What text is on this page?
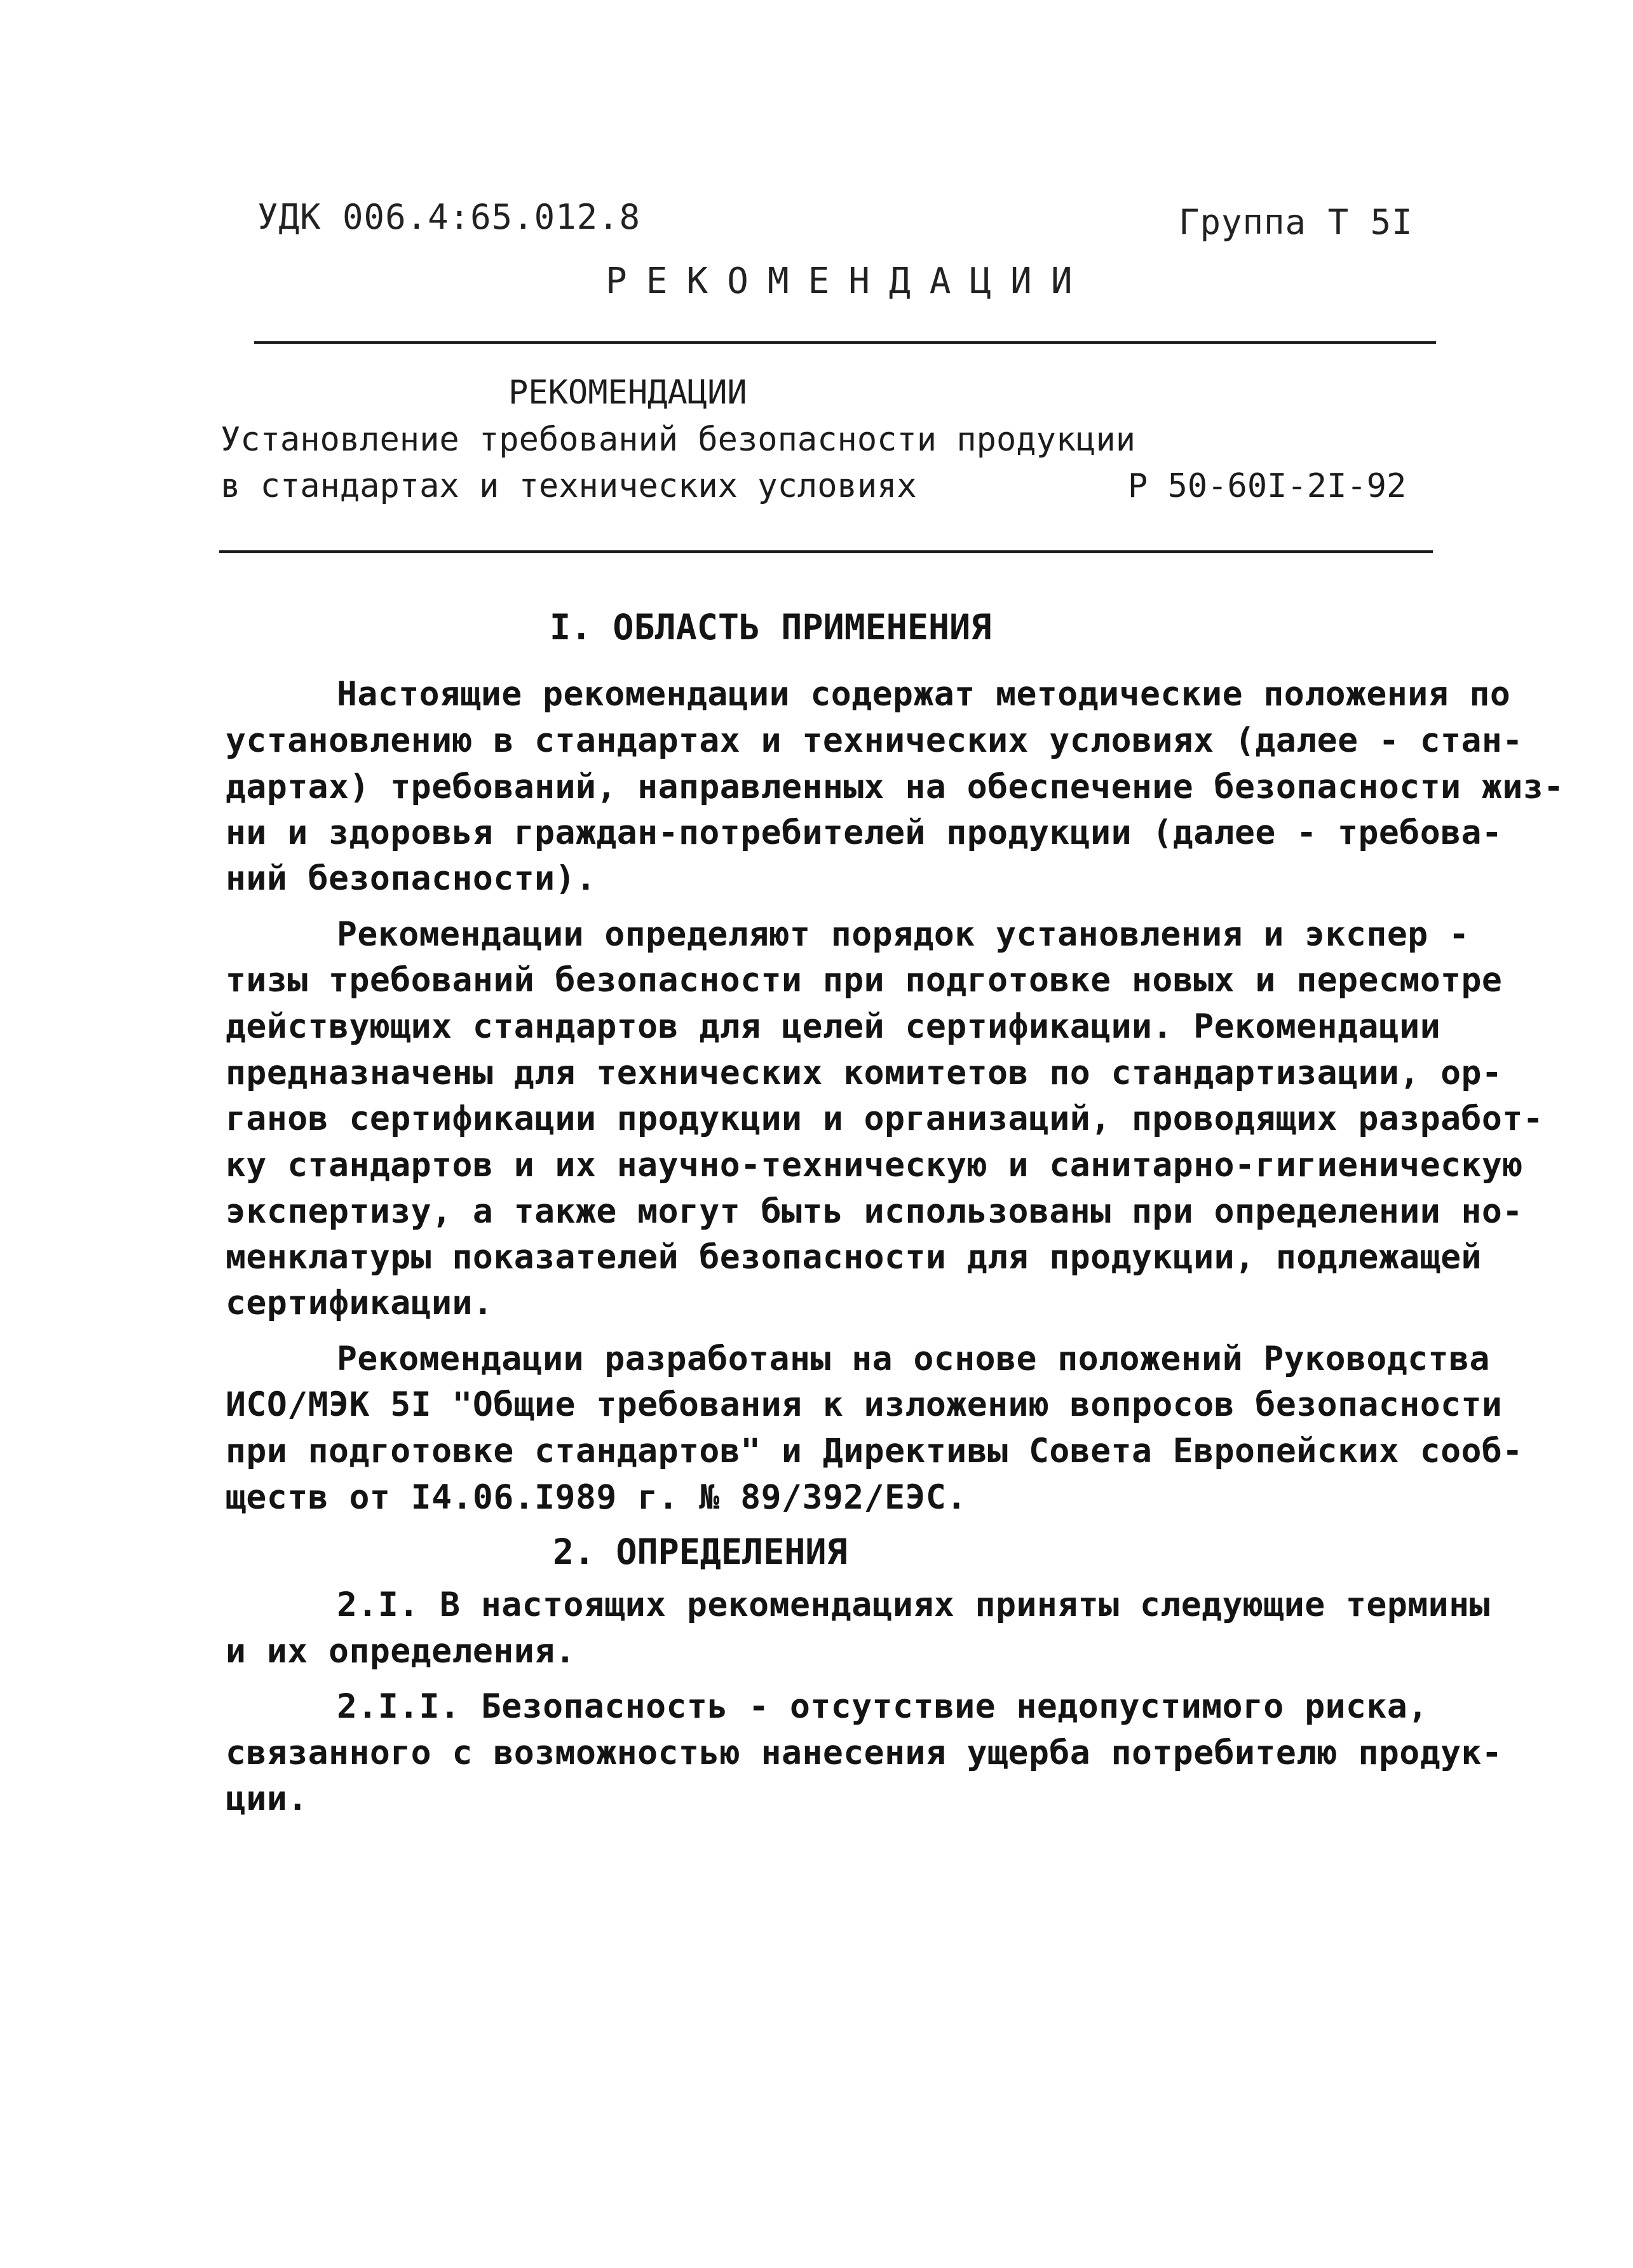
УДК 006.4:65.012.8	Группа Т 5I
РЕКОМЕНДАЦИИ
РЕКОМЕНДАЦИИ
Установление требований безопасности продукции
в стандартах и технических условиях	Р 50-60I-2I-92
I. ОБЛАСТЬ ПРИМЕНЕНИЯ
Настоящие рекомендации содержат методические положения по
установлению в стандартах и технических условиях (далее - стан-
дартах) требований, направленных на обеспечение безопасности жиз-
ни и здоровья граждан-потребителей продукции (далее - требова-
ний безопасности).
Рекомендации определяют порядок установления и экспер -
тизы требований безопасности при подготовке новых и пересмотре
действующих стандартов для целей сертификации. Рекомендации
предназначены для технических комитетов по стандартизации, ор-
ганов сертификации продукции и организаций, проводящих разработ-
ку стандартов и их научно-техническую и санитарно-гигиеническую
экспертизу, а также могут быть использованы при определении но-
менклатуры показателей безопасности для продукции, подлежащей
сертификации.
Рекомендации разработаны на основе положений Руководства
ИСО/МЭК 5I "Общие требования к изложению вопросов безопасности
при подготовке стандартов" и Директивы Совета Европейских сооб-
ществ от I4.06.I989 г. № 89/392/ЕЭС.
2. ОПРЕДЕЛЕНИЯ
2.I. В настоящих рекомендациях приняты следующие термины
и их определения.
2.I.I. Безопасность - отсутствие недопустимого риска,
связанного с возможностью нанесения ущерба потребителю продук-
ции.
